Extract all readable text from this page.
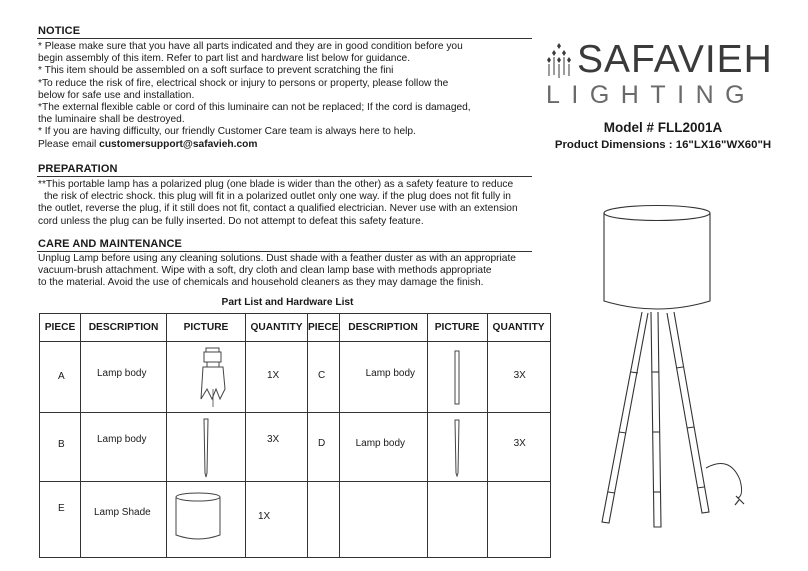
NOTICE
* Please make sure that you have all parts indicated and they are in good condition before you
begin assembly of this item. Refer to part list and hardware list below for guidance.
* This item should be assembled on a soft surface to prevent scratching the fini
*To reduce the risk of fire, electrical shock or injury to persons or property, please follow the
below for safe use and installation.
*The external flexible cable or cord of this luminaire can not be replaced; If the cord is damaged,
the luminaire shall be destroyed.
* If you are having difficulty, our friendly Customer Care team is always here to help.
Please email customersupport@safavieh.com
PREPARATION
**This portable lamp has a polarized plug (one blade is wider than the other) as a safety feature to reduce
the risk of electric shock. this plug will fit in a polarized outlet only one way. if the plug does not fit fully in
the outlet, reverse the plug, if it still does not fit, contact a qualified electrician. Never use with an extension
cord unless the plug can be fully inserted. Do not attempt to defeat this safety feature.
CARE AND MAINTENANCE
Unplug Lamp before using any cleaning solutions. Dust shade with a feather duster as with an appropriate
vacuum-brush attachment. Wipe with a soft, dry cloth and clean lamp base with methods appropriate
to the material. Avoid the use of chemicals and household cleaners as they may damage the finish.
SAFAVIEH
LIGHTING
Model # FLL2001A
Product Dimensions : 16"LX16"WX60"H
Part List and Hardware List
PIECE	DESCRIPTION	PICTURE	QUANTITY	PIECE	DESCRIPTION	PICTURE	QUANTITY

A	Lamp body		1X	C	Lamp body		3X

B	Lamp body		3X	D	Lamp body		3X

E	Lamp Shade		1X				
